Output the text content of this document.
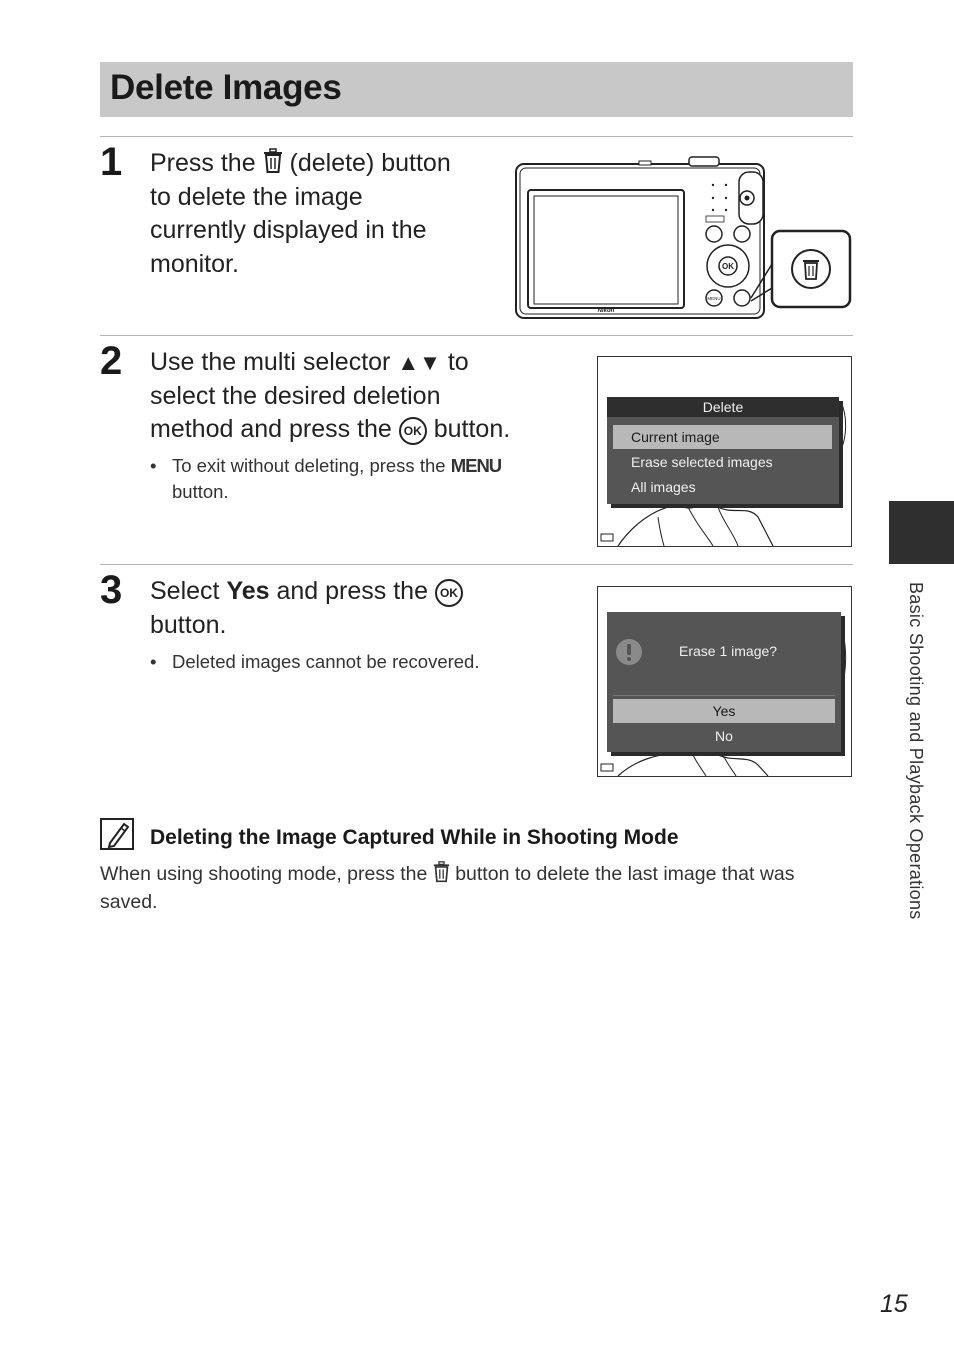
Delete Images
1 Press the (delete) button
to delete the image
currently displayed in the
monitor.	OK
MENU
Nikon
2 Use the multi selector ▲▼ to
select the desired deletion
method and press the OK button.
• To exit without deleting, press the MENU
button.
Delete
Current image
Erase selected images
All images
3 Select Yes and press the OK
button.
• Deleted images cannot be recovered.	Erase 1 image?
Yes
No
Deleting the Image Captured While in Shooting Mode
When using shooting mode, press the button to delete the last image that was
saved.	Basic Shooting and Playback Operations
15
